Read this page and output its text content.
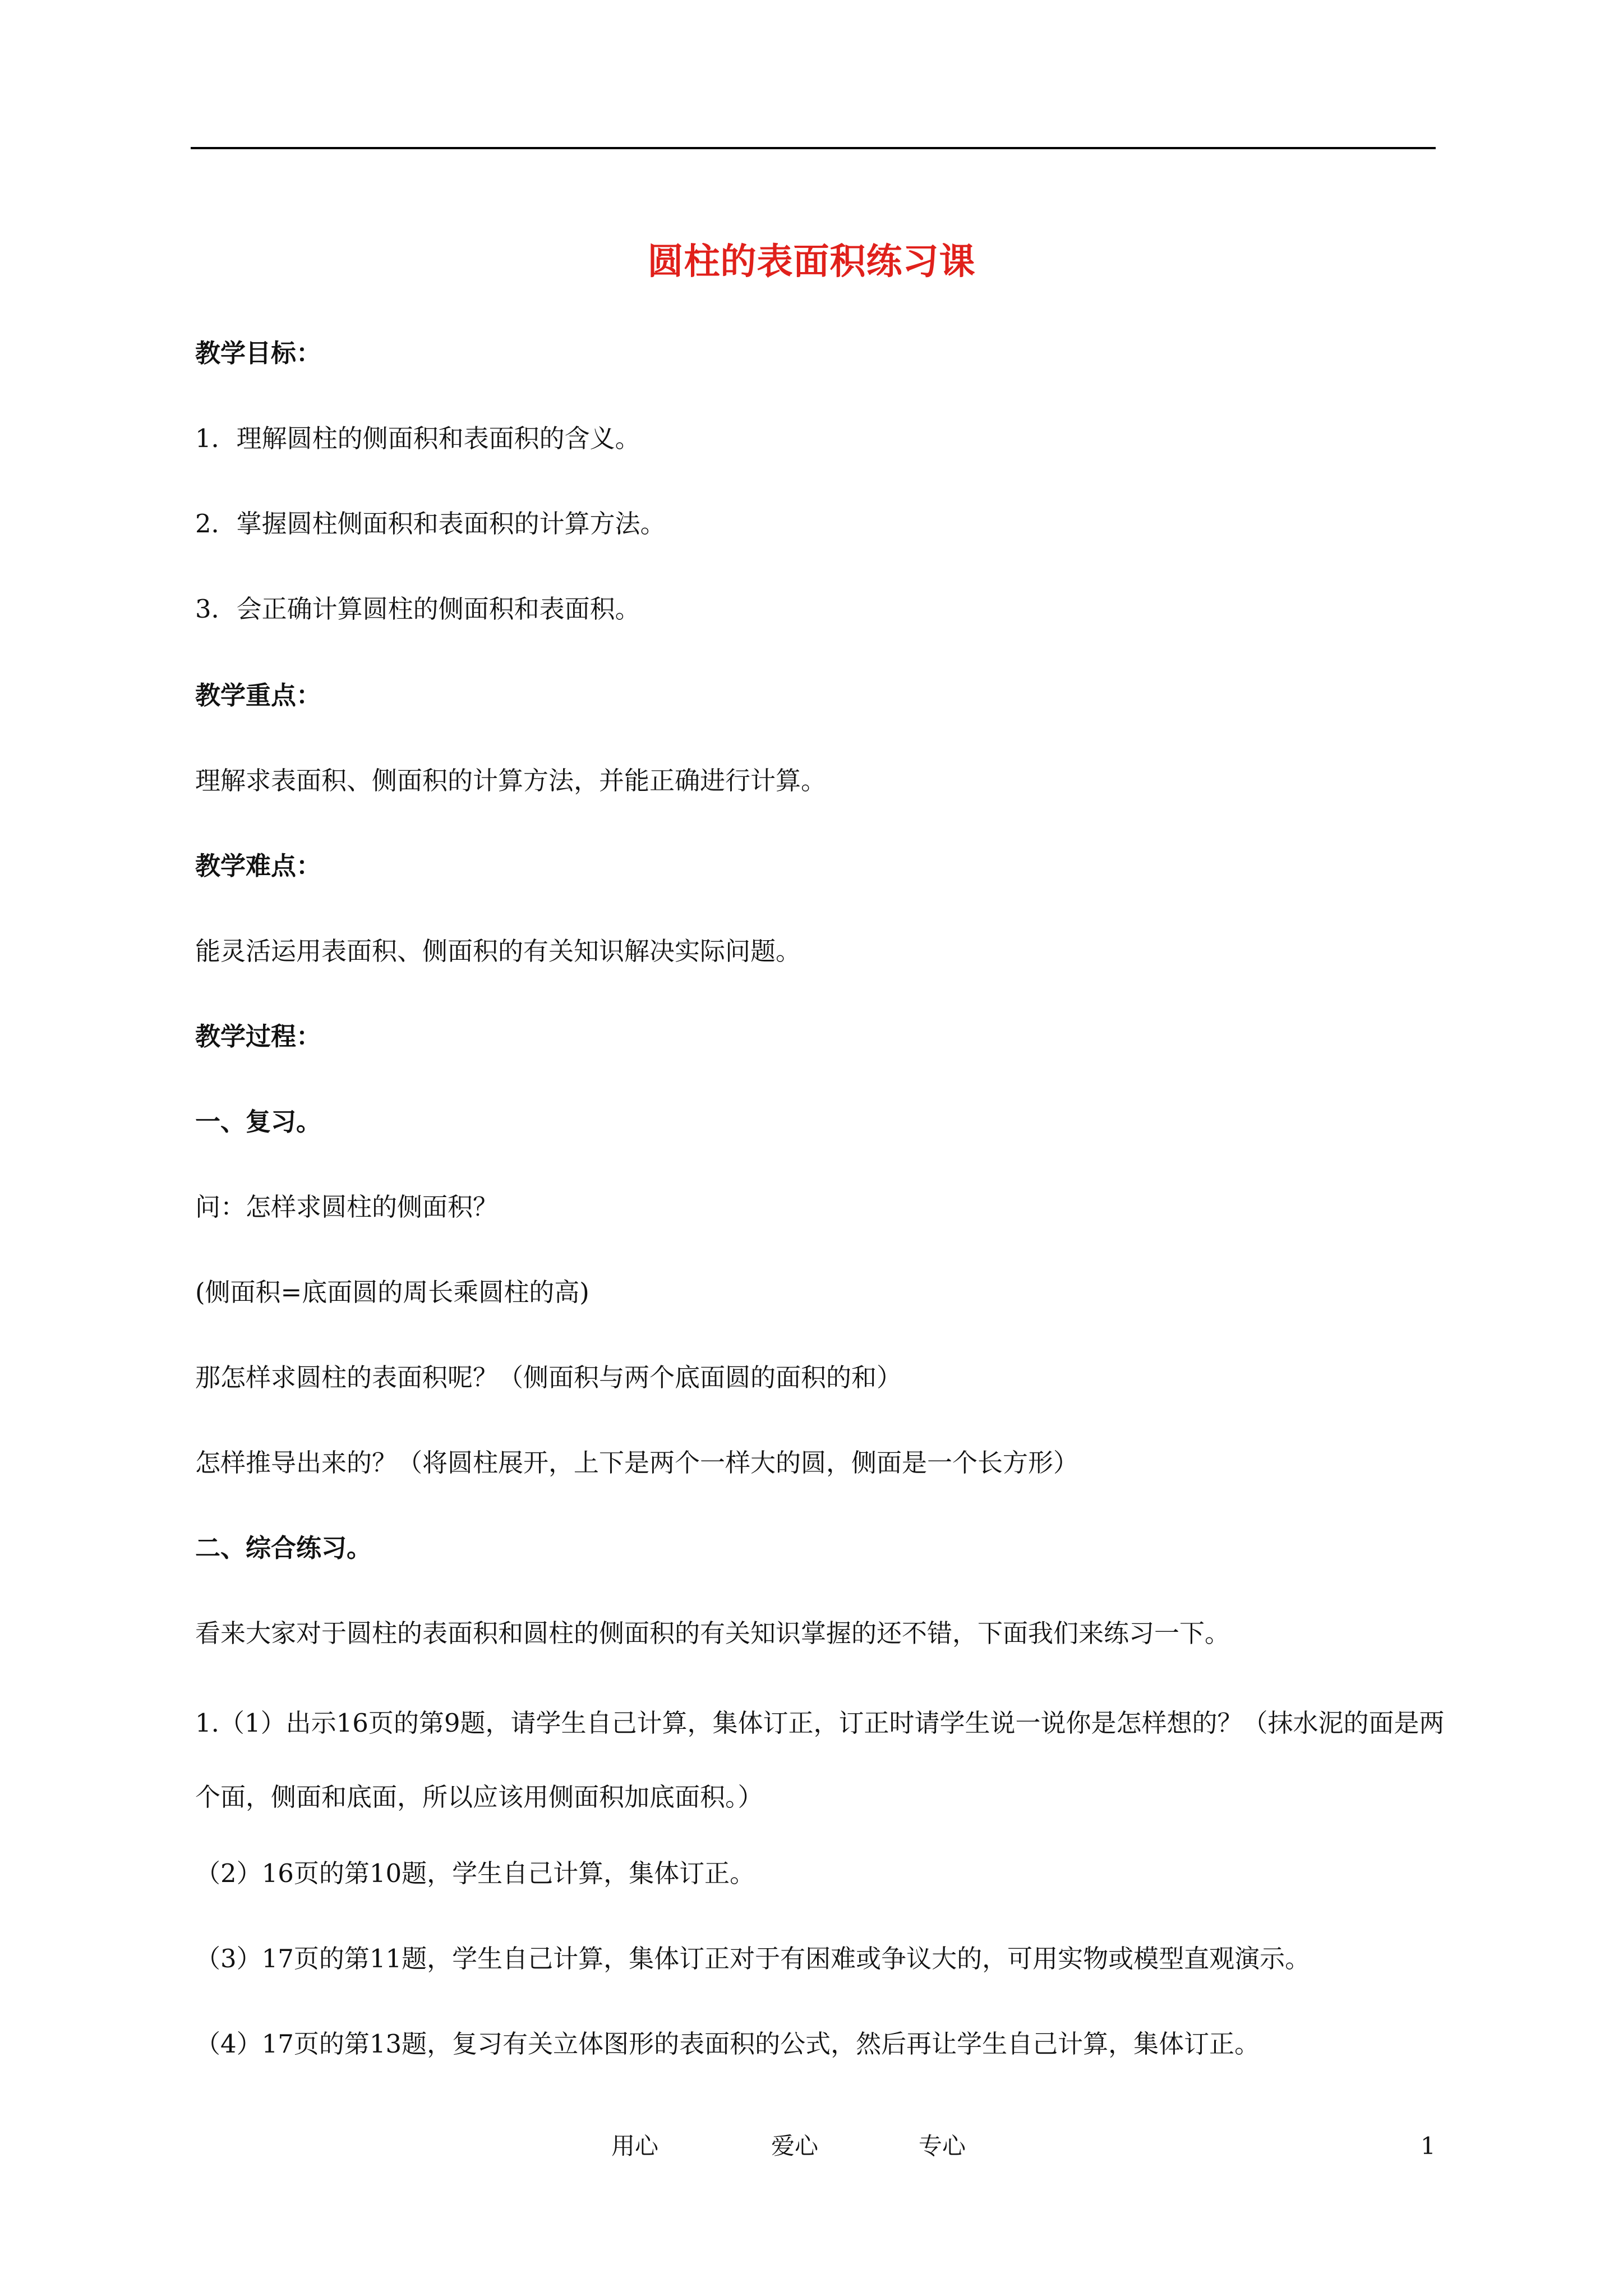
圆柱的表面积练习课
教学目标：
1．理解圆柱的侧面积和表面积的含义。
2．掌握圆柱侧面积和表面积的计算方法。
3．会正确计算圆柱的侧面积和表面积。
教学重点：
理解求表面积、侧面积的计算方法，并能正确进行计算。
教学难点：
能灵活运用表面积、侧面积的有关知识解决实际问题。
教学过程：
一、复习。
问：怎样求圆柱的侧面积？
(侧面积=底面圆的周长乘圆柱的高)
那怎样求圆柱的表面积呢？（侧面积与两个底面圆的面积的和）
怎样推导出来的？（将圆柱展开，上下是两个一样大的圆，侧面是一个长方形）
二、综合练习。
看来大家对于圆柱的表面积和圆柱的侧面积的有关知识掌握的还不错，下面我们来练习一下。
1.（1）出示16页的第9题，请学生自己计算，集体订正，订正时请学生说一说你是怎样想的？（抹水泥的面是两个面，侧面和底面，所以应该用侧面积加底面积。）
（2）16页的第10题，学生自己计算，集体订正。
（3）17页的第11题，学生自己计算，集体订正对于有困难或争议大的，可用实物或模型直观演示。
（4）17页的第13题，复习有关立体图形的表面积的公式，然后再让学生自己计算，集体订正。
用心	爱心	专心	1
